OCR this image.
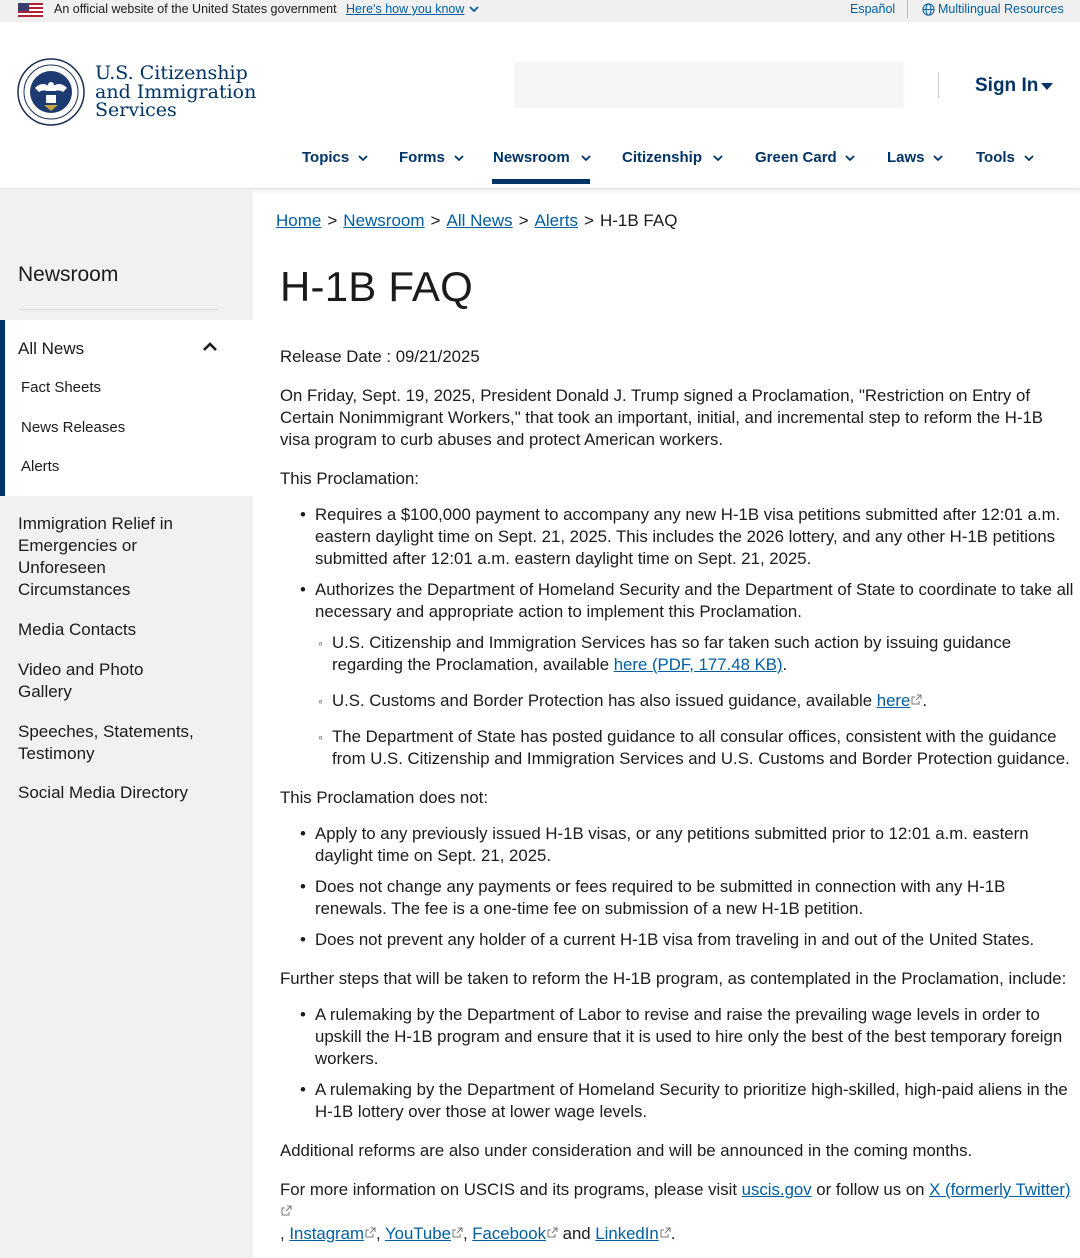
An official website of the United States government Here's how you know	Español	Multilingual Resources
U.S. Citizenship
and Immigration
Services
Sign In
Topics	Forms	Newsroom	Citizenship	Green Card	Laws	Tools
Newsroom
All News
Fact Sheets
News Releases
Alerts
Immigration Relief in Emergencies or Unforeseen Circumstances
Media Contacts
Video and Photo Gallery
Speeches, Statements, Testimony
Social Media Directory
Home > Newsroom > All News > Alerts > H-1B FAQ
H-1B FAQ

Release Date : 09/21/2025

On Friday, Sept. 19, 2025, President Donald J. Trump signed a Proclamation, "Restriction on Entry of Certain Nonimmigrant Workers," that took an important, initial, and incremental step to reform the H-1B visa program to curb abuses and protect American workers.

This Proclamation:

• Requires a $100,000 payment to accompany any new H-1B visa petitions submitted after 12:01 a.m. eastern daylight time on Sept. 21, 2025. This includes the 2026 lottery, and any other H-1B petitions submitted after 12:01 a.m. eastern daylight time on Sept. 21, 2025.
• Authorizes the Department of Homeland Security and the Department of State to coordinate to take all necessary and appropriate action to implement this Proclamation.
◦ U.S. Citizenship and Immigration Services has so far taken such action by issuing guidance regarding the Proclamation, available here (PDF, 177.48 KB).
◦ U.S. Customs and Border Protection has also issued guidance, available here .
◦ The Department of State has posted guidance to all consular offices, consistent with the guidance from U.S. Citizenship and Immigration Services and U.S. Customs and Border Protection guidance.

This Proclamation does not:

• Apply to any previously issued H-1B visas, or any petitions submitted prior to 12:01 a.m. eastern daylight time on Sept. 21, 2025.
• Does not change any payments or fees required to be submitted in connection with any H-1B renewals. The fee is a one-time fee on submission of a new H-1B petition.
• Does not prevent any holder of a current H-1B visa from traveling in and out of the United States.

Further steps that will be taken to reform the H-1B program, as contemplated in the Proclamation, include:

• A rulemaking by the Department of Labor to revise and raise the prevailing wage levels in order to upskill the H-1B program and ensure that it is used to hire only the best of the best temporary foreign workers.
• A rulemaking by the Department of Homeland Security to prioritize high-skilled, high-paid aliens in the H-1B lottery over those at lower wage levels.

Additional reforms are also under consideration and will be announced in the coming months.

For more information on USCIS and its programs, please visit uscis.gov or follow us on X (formerly Twitter)
, Instagram , YouTube , Facebook and LinkedIn .
